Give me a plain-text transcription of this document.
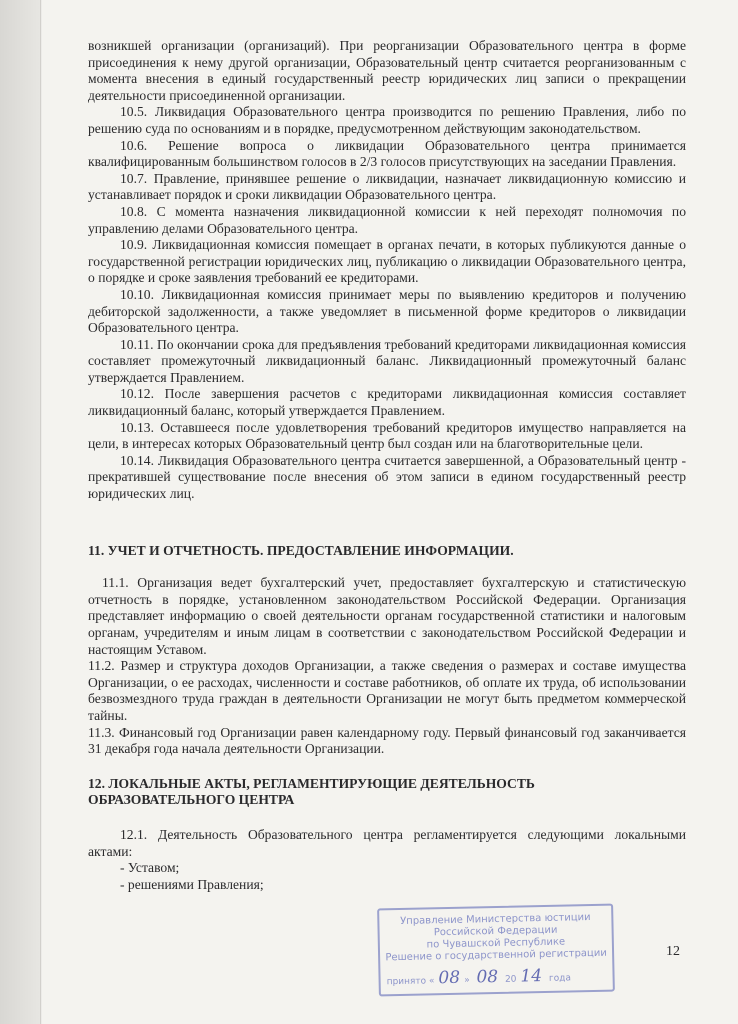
возникшей организации (организаций). При реорганизации Образовательного центра в форме присоединения к нему другой организации, Образовательный центр считается реорганизованным с момента внесения в единый государственный реестр юридических лиц записи о прекращении деятельности присоединенной организации.

10.5. Ликвидация Образовательного центра производится по решению Правления, либо по решению суда по основаниям и в порядке, предусмотренном действующим законодательством.

10.6. Решение вопроса о ликвидации Образовательного центра принимается квалифицированным большинством голосов в 2/3 голосов присутствующих на заседании Правления.

10.7. Правление, принявшее решение о ликвидации, назначает ликвидационную комиссию и устанавливает порядок и сроки ликвидации Образовательного центра.

10.8. С момента назначения ликвидационной комиссии к ней переходят полномочия по управлению делами Образовательного центра.

10.9. Ликвидационная комиссия помещает в органах печати, в которых публикуются данные о государственной регистрации юридических лиц, публикацию о ликвидации Образовательного центра, о порядке и сроке заявления требований ее кредиторами.

10.10. Ликвидационная комиссия принимает меры по выявлению кредиторов и получению дебиторской задолженности, а также уведомляет в письменной форме кредиторов о ликвидации Образовательного центра.

10.11. По окончании срока для предъявления требований кредиторами ликвидационная комиссия составляет промежуточный ликвидационный баланс. Ликвидационный промежуточный баланс утверждается Правлением.

10.12. После завершения расчетов с кредиторами ликвидационная комиссия составляет ликвидационный баланс, который утверждается Правлением.

10.13. Оставшееся после удовлетворения требований кредиторов имущество направляется на цели, в интересах которых Образовательный центр был создан или на благотворительные цели.

10.14. Ликвидация Образовательного центра считается завершенной, а Образовательный центр - прекратившей существование после внесения об этом записи в едином государственный реестр юридических лиц.

11. УЧЕТ И ОТЧЕТНОСТЬ. ПРЕДОСТАВЛЕНИЕ ИНФОРМАЦИИ.

11.1. Организация ведет бухгалтерский учет, предоставляет бухгалтерскую и статистическую отчетность в порядке, установленном законодательством Российской Федерации. Организация представляет информацию о своей деятельности органам государственной статистики и налоговым органам, учредителям и иным лицам в соответствии с законодательством Российской Федерации и настоящим Уставом.

11.2. Размер и структура доходов Организации, а также сведения о размерах и составе имущества Организации, о ее расходах, численности и составе работников, об оплате их труда, об использовании безвозмездного труда граждан в деятельности Организации не могут быть предметом коммерческой тайны.

11.3. Финансовый год Организации равен календарному году. Первый финансовый год заканчивается 31 декабря года начала деятельности Организации.

12. ЛОКАЛЬНЫЕ АКТЫ, РЕГЛАМЕНТИРУЮЩИЕ ДЕЯТЕЛЬНОСТЬ

ОБРАЗОВАТЕЛЬНОГО ЦЕНТРА

12.1. Деятельность Образовательного центра регламентируется следующими локальными актами:

- Уставом;

- решениями Правления;

12
Управление Министерства юстиции
Российской Федерации
по Чувашской Республике
Решение о государственной регистрации
принято « 08 » 08 20 14 года
